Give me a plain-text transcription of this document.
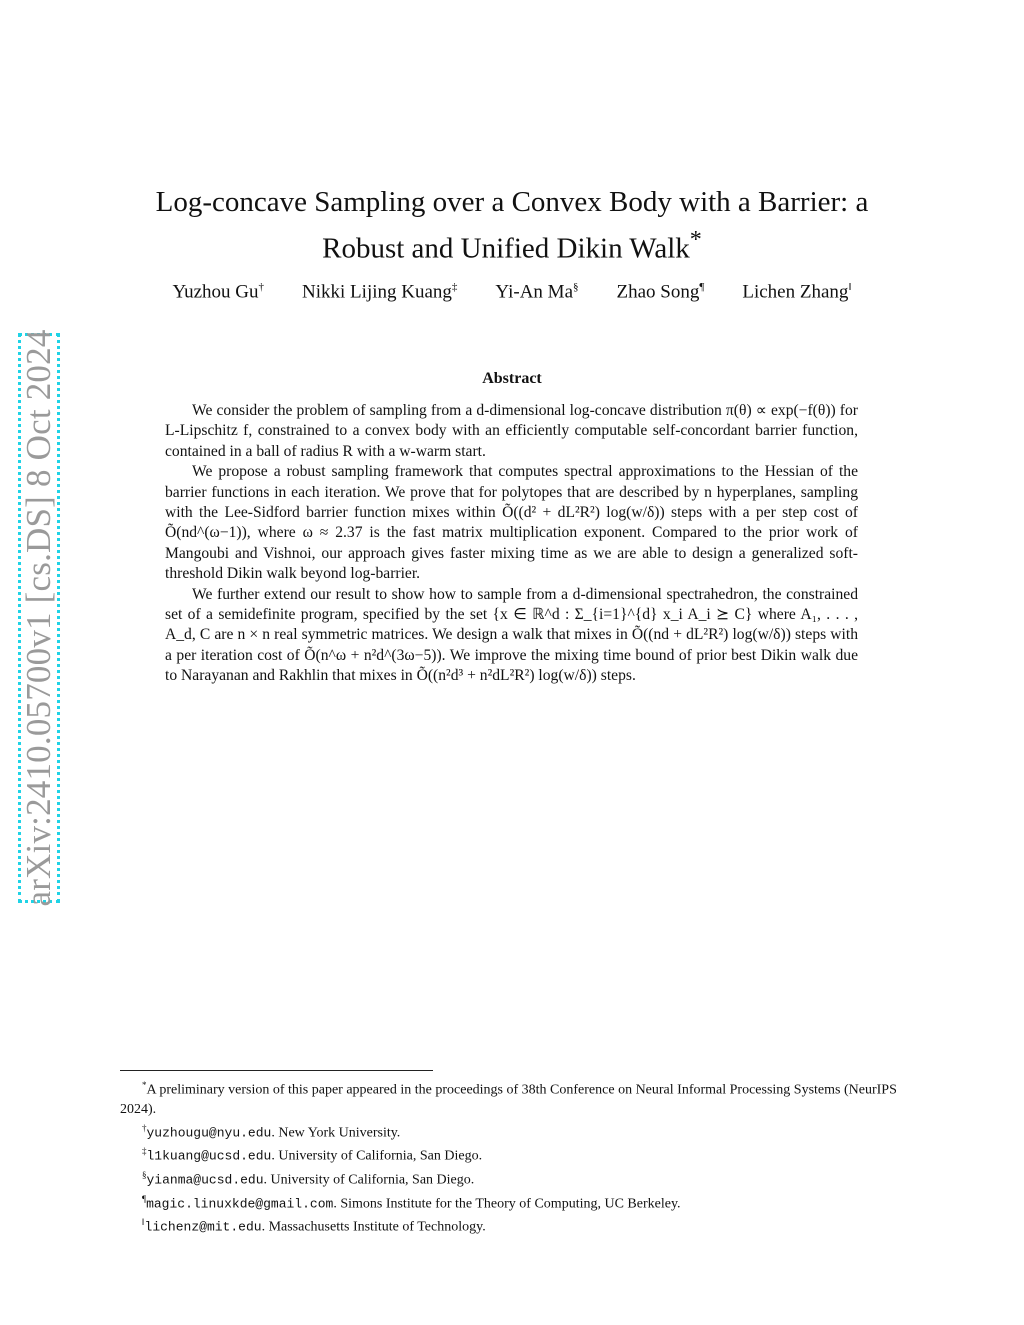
arXiv:2410.05700v1 [cs.DS] 8 Oct 2024
Log-concave Sampling over a Convex Body with a Barrier: a
Robust and Unified Dikin Walk*
Yuzhou Gu† Nikki Lijing Kuang‡ Yi-An Ma§ Zhao Song¶ Lichen Zhang‖
Abstract

We consider the problem of sampling from a d-dimensional log-concave distribution π(θ) ∝ exp(−f(θ)) for L-Lipschitz f, constrained to a convex body with an efficiently computable self-concordant barrier function, contained in a ball of radius R with a w-warm start.

We propose a robust sampling framework that computes spectral approximations to the Hessian of the barrier functions in each iteration. We prove that for polytopes that are described by n hyperplanes, sampling with the Lee-Sidford barrier function mixes within Õ((d² + dL²R²) log(w/δ)) steps with a per step cost of Õ(nd^(ω−1)), where ω ≈ 2.37 is the fast matrix multiplication exponent. Compared to the prior work of Mangoubi and Vishnoi, our approach gives faster mixing time as we are able to design a generalized soft-threshold Dikin walk beyond log-barrier.

We further extend our result to show how to sample from a d-dimensional spectrahedron, the constrained set of a semidefinite program, specified by the set {x ∈ ℝ^d : Σ_{i=1}^{d} x_i A_i ⪰ C} where A₁, . . . , A_d, C are n × n real symmetric matrices. We design a walk that mixes in Õ((nd + dL²R²) log(w/δ)) steps with a per iteration cost of Õ(n^ω + n²d^(3ω−5)). We improve the mixing time bound of prior best Dikin walk due to Narayanan and Rakhlin that mixes in Õ((n²d³ + n²dL²R²) log(w/δ)) steps.

*A preliminary version of this paper appeared in the proceedings of 38th Conference on Neural Informal Processing Systems (NeurIPS 2024).

†yuzhougu@nyu.edu. New York University.

‡l1kuang@ucsd.edu. University of California, San Diego.

§yianma@ucsd.edu. University of California, San Diego.

¶magic.linuxkde@gmail.com. Simons Institute for the Theory of Computing, UC Berkeley.

‖lichenz@mit.edu. Massachusetts Institute of Technology.
